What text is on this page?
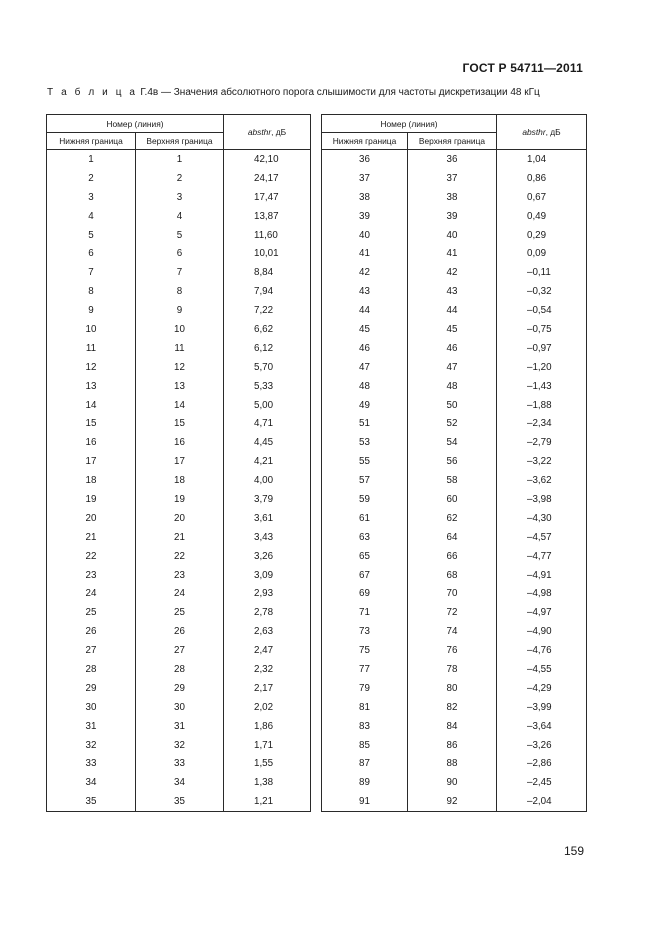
ГОСТ Р 54711—2011
Т а б л и ц а Г.4в — Значения абсолютного порога слышимости для частоты дискретизации 48 кГц
Номер (линия)		absthr, дБ
Нижняя граница	Верхняя граница	
1	1	42,10
2	2	24,17
3	3	17,47
4	4	13,87
5	5	11,60
6	6	10,01
7	7	8,84
8	8	7,94
9	9	7,22
10	10	6,62
11	11	6,12
12	12	5,70
13	13	5,33
14	14	5,00
15	15	4,71
16	16	4,45
17	17	4,21
18	18	4,00
19	19	3,79
20	20	3,61
21	21	3,43
22	22	3,26
23	23	3,09
24	24	2,93
25	25	2,78
26	26	2,63
27	27	2,47
28	28	2,32
29	29	2,17
30	30	2,02
31	31	1,86
32	32	1,71
33	33	1,55
34	34	1,38
35	35	1,21
Номер (линия)		absthr, дБ
Нижняя граница	Верхняя граница	
36	36	1,04
37	37	0,86
38	38	0,67
39	39	0,49
40	40	0,29
41	41	0,09
42	42	–0,11
43	43	–0,32
44	44	–0,54
45	45	–0,75
46	46	–0,97
47	47	–1,20
48	48	–1,43
49	50	–1,88
51	52	–2,34
53	54	–2,79
55	56	–3,22
57	58	–3,62
59	60	–3,98
61	62	–4,30
63	64	–4,57
65	66	–4,77
67	68	–4,91
69	70	–4,98
71	72	–4,97
73	74	–4,90
75	76	–4,76
77	78	–4,55
79	80	–4,29
81	82	–3,99
83	84	–3,64
85	86	–3,26
87	88	–2,86
89	90	–2,45
91	92	–2,04
159
